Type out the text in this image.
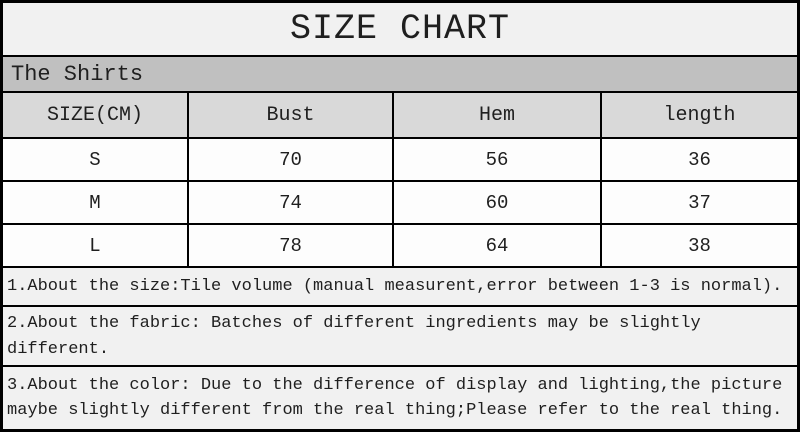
SIZE CHART
The Shirts
SIZE(CM)	Bust	Hem	length
S	70	56	36
M	74	60	37
L	78	64	38
1.About the size:Tile volume (manual measurent,error between 1-3 is normal).
2.About the fabric: Batches of different ingredients may be slightly different.
3.About the color: Due to the difference of display and lighting,the picture maybe slightly different from the real thing;Please refer to the real thing.
